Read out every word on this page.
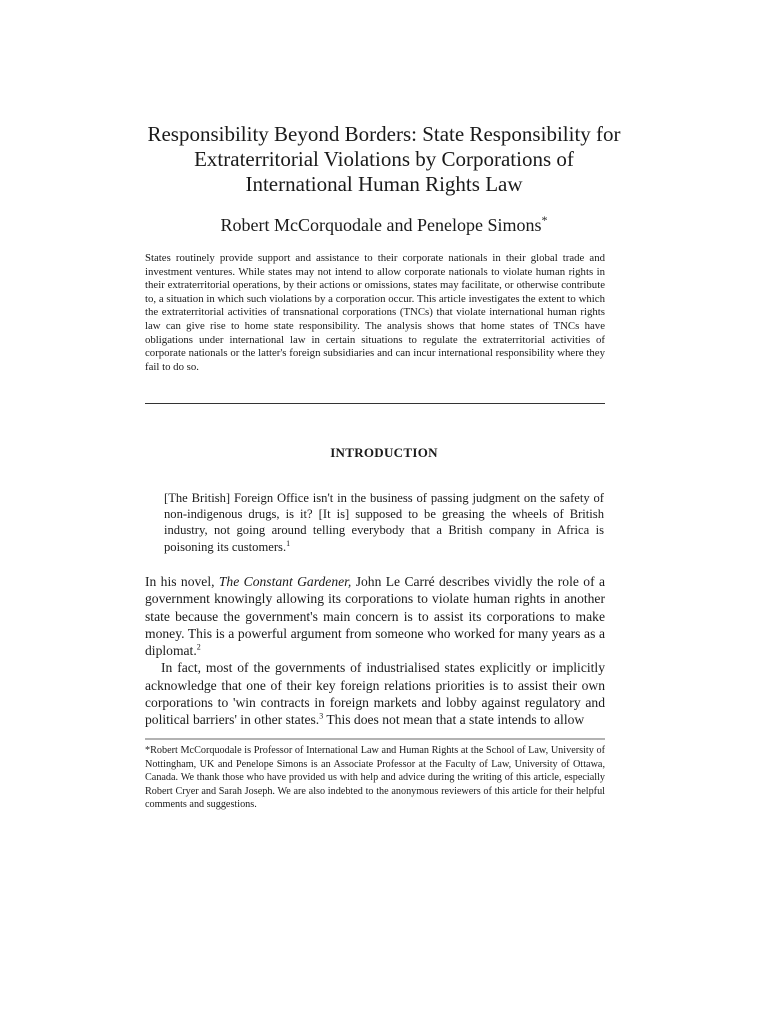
Responsibility Beyond Borders: State Responsibility for
Extraterritorial Violations by Corporations of
International Human Rights Law
Robert McCorquodale and Penelope Simons*
States routinely provide support and assistance to their corporate nationals in their global trade and investment ventures. While states may not intend to allow corporate nationals to violate human rights in their extraterritorial operations, by their actions or omissions, states may facilitate, or otherwise contribute to, a situation in which such violations by a corporation occur. This article investigates the extent to which the extraterritorial activities of transnational corporations (TNCs) that violate international human rights law can give rise to home state responsibility. The analysis shows that home states of TNCs have obligations under international law in certain situations to regulate the extraterritorial activities of corporate nationals or the latter's foreign subsidiaries and can incur international responsibility where they fail to do so.
INTRODUCTION
[The British] Foreign Office isn't in the business of passing judgment on the safety of non-indigenous drugs, is it? [It is] supposed to be greasing the wheels of British industry, not going around telling everybody that a British company in Africa is poisoning its customers.$^1$

In his novel, The Constant Gardener, John Le Carré describes vividly the role of a government knowingly allowing its corporations to violate human rights in another state because the government's main concern is to assist its corporations to make money. This is a powerful argument from someone who worked for many years as a diplomat.$^2$

In fact, most of the governments of industrialised states explicitly or implicitly acknowledge that one of their key foreign relations priorities is to assist their own corporations to 'win contracts in foreign markets and lobby against regulatory and political barriers' in other states.$^3$ This does not mean that a state intends to allow

*Robert McCorquodale is Professor of International Law and Human Rights at the School of Law, University of Nottingham, UK and Penelope Simons is an Associate Professor at the Faculty of Law, University of Ottawa, Canada. We thank those who have provided us with help and advice during the writing of this article, especially Robert Cryer and Sarah Joseph. We are also indebted to the anonymous reviewers of this article for their helpful comments and suggestions.
